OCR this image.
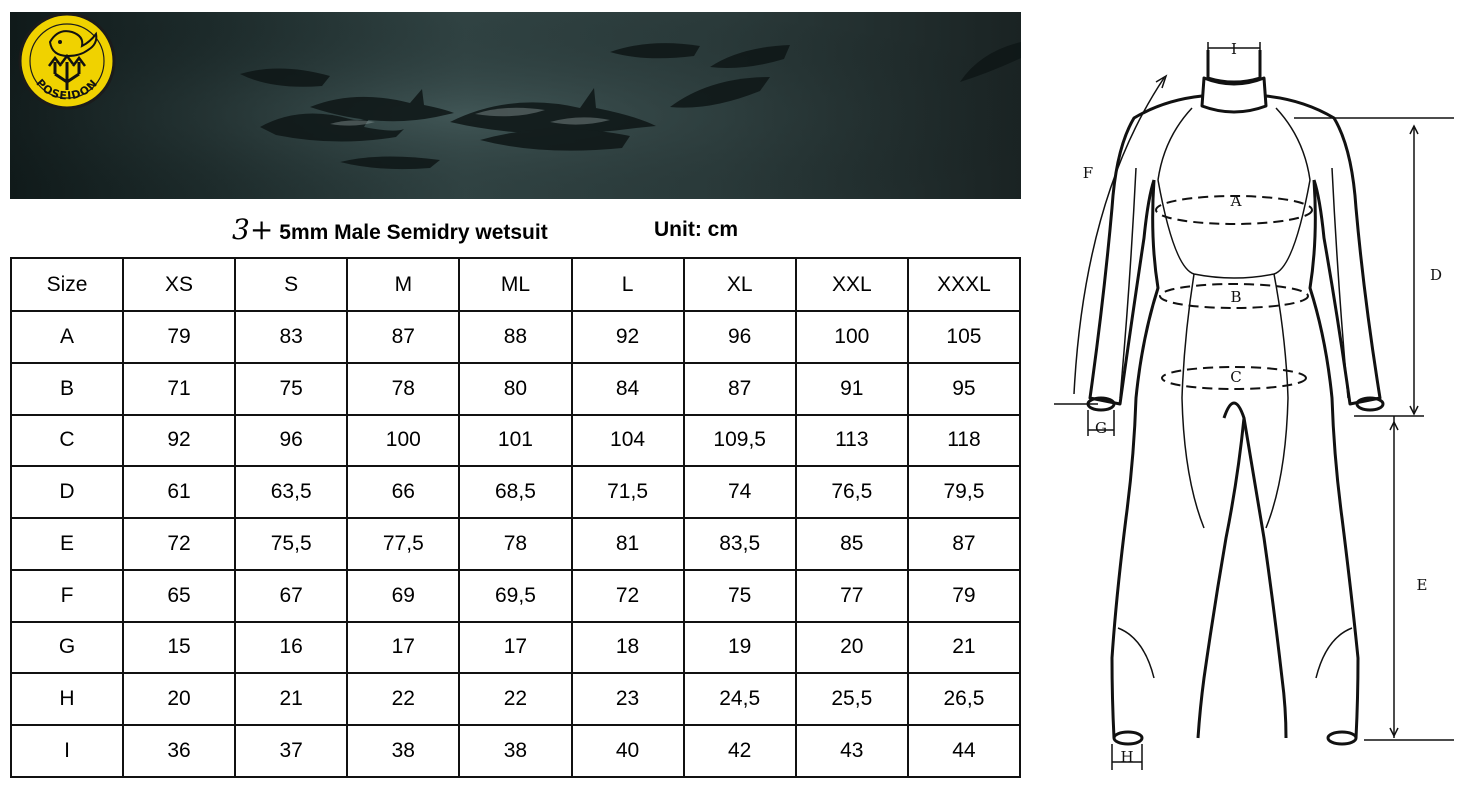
POSEIDON
3+ 5mm Male Semidry wetsuit	Unit: cm
Size	XS	S	M	ML	L	XL	XXL	XXXL
A	79	83	87	88	92	96	100	105
B	71	75	78	80	84	87	91	95
C	92	96	100	101	104	109,5	113	118
D	61	63,5	66	68,5	71,5	74	76,5	79,5
E	72	75,5	77,5	78	81	83,5	85	87
F	65	67	69	69,5	72	75	77	79
G	15	16	17	17	18	19	20	21
H	20	21	22	22	23	24,5	25,5	26,5
I	36	37	38	38	40	42	43	44
A
B
C
D
E
F
G
H
I
